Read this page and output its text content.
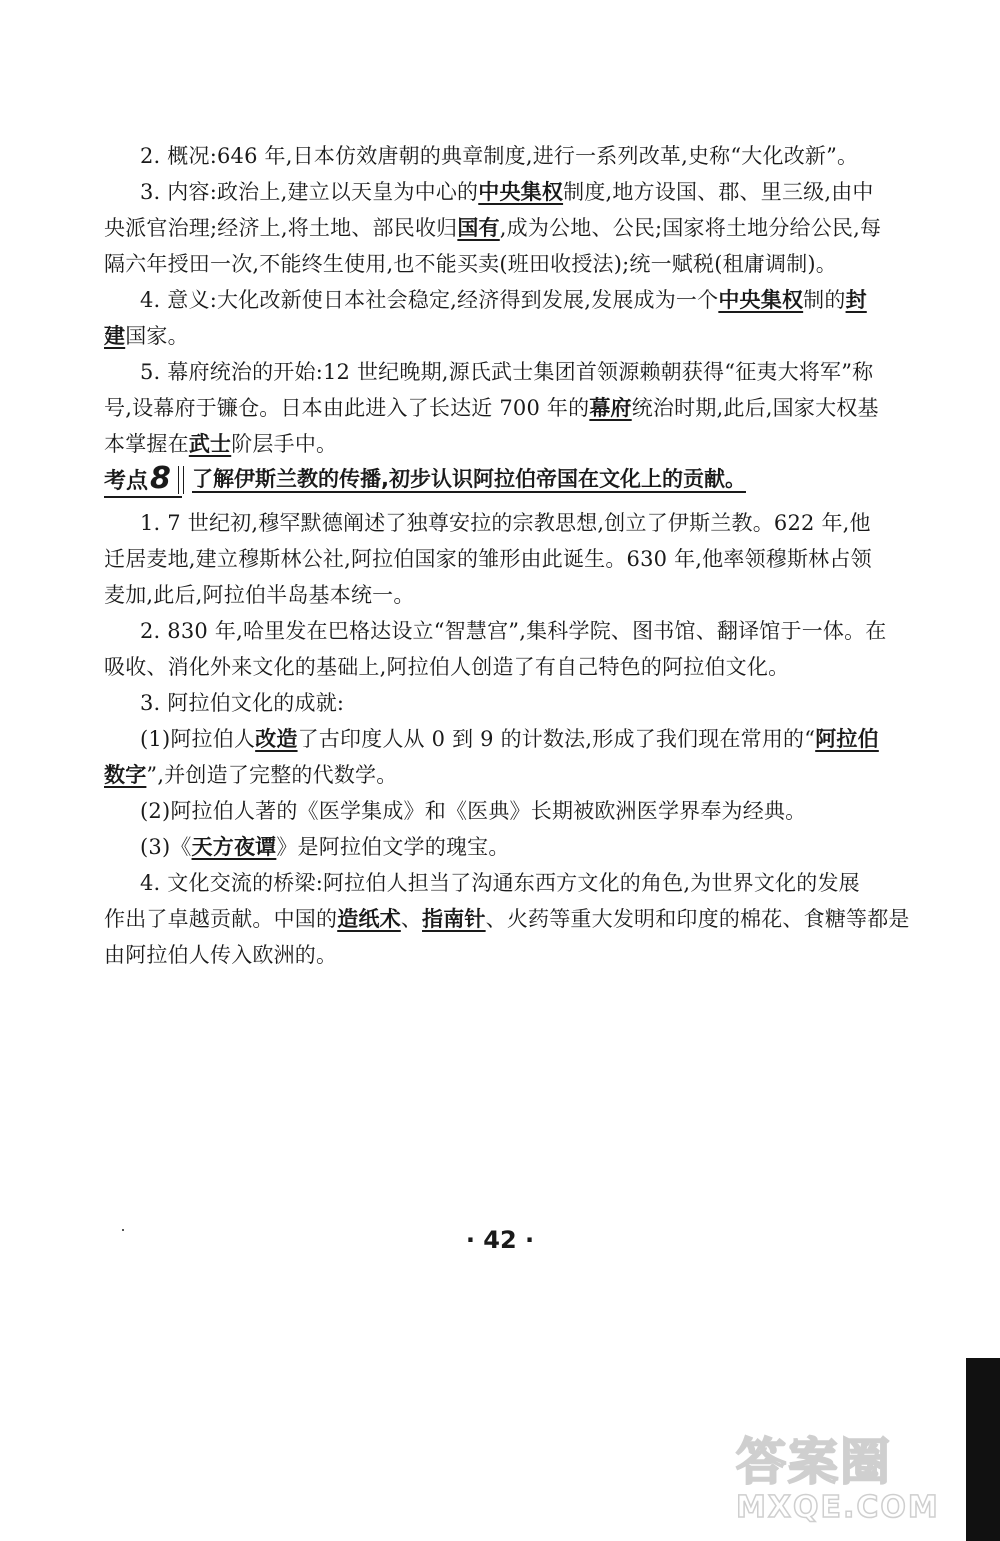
2. 概况:646 年,日本仿效唐朝的典章制度,进行一系列改革,史称“大化改新”。
3. 内容:政治上,建立以天皇为中心的中央集权制度,地方设国、郡、里三级,由中
央派官治理;经济上,将土地、部民收归国有,成为公地、公民;国家将土地分给公民,每
隔六年授田一次,不能终生使用,也不能买卖(班田收授法);统一赋税(租庸调制)。
4. 意义:大化改新使日本社会稳定,经济得到发展,发展成为一个中央集权制的封
建国家。
5. 幕府统治的开始:12 世纪晚期,源氏武士集团首领源赖朝获得“征夷大将军”称
号,设幕府于镰仓。日本由此进入了长达近 700 年的幕府统治时期,此后,国家大权基
本掌握在武士阶层手中。
考点8	了解伊斯兰教的传播,初步认识阿拉伯帝国在文化上的贡献。
1. 7 世纪初,穆罕默德阐述了独尊安拉的宗教思想,创立了伊斯兰教。622 年,他
迁居麦地,建立穆斯林公社,阿拉伯国家的雏形由此诞生。630 年,他率领穆斯林占领
麦加,此后,阿拉伯半岛基本统一。
2. 830 年,哈里发在巴格达设立“智慧宫”,集科学院、图书馆、翻译馆于一体。在
吸收、消化外来文化的基础上,阿拉伯人创造了有自己特色的阿拉伯文化。
3. 阿拉伯文化的成就:
(1)阿拉伯人改造了古印度人从 0 到 9 的计数法,形成了我们现在常用的“阿拉伯
数字”,并创造了完整的代数学。
(2)阿拉伯人著的《医学集成》和《医典》长期被欧洲医学界奉为经典。
(3)《天方夜谭》是阿拉伯文学的瑰宝。
4. 文化交流的桥梁:阿拉伯人担当了沟通东西方文化的角色,为世界文化的发展
作出了卓越贡献。中国的造纸术、指南针、火药等重大发明和印度的棉花、食糖等都是
由阿拉伯人传入欧洲的。
· 42 ·
答案圈
MXQE.COM
